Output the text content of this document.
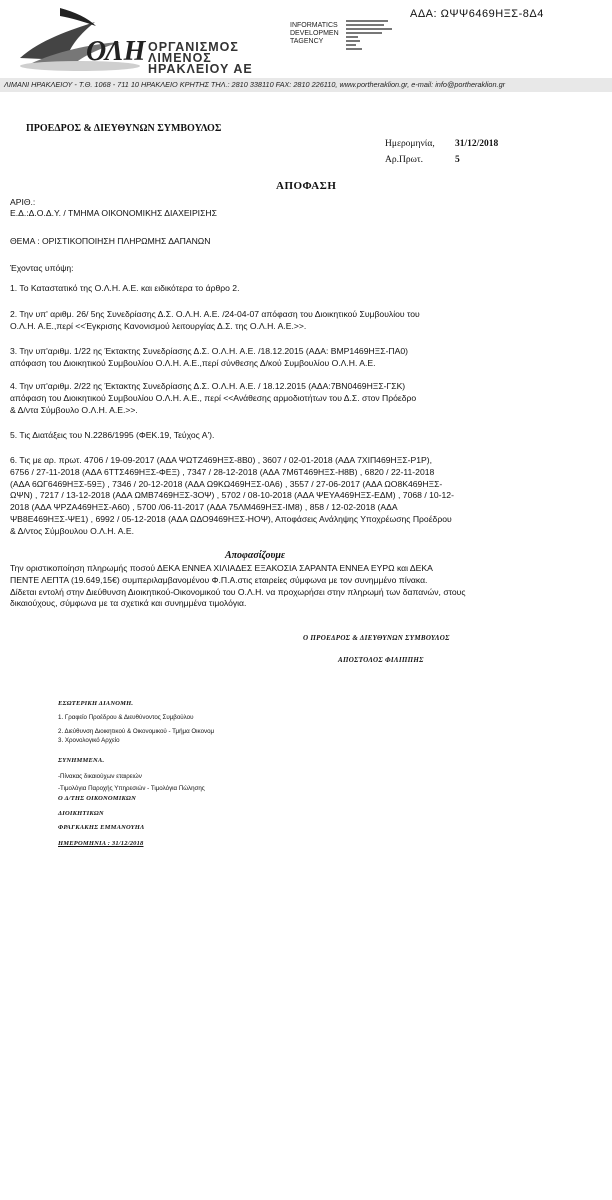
ΑΔΑ: ΩΨΨ6469ΗΞΣ-8Δ4
ΟΛΗ ΟΡΓΑΝΙΣΜΟΣ
ΛΙΜΕΝΟΣ
ΗΡΑΚΛΕΙΟΥ ΑΕ
INFORMATICS
DEVELOPMEN
TAGENCY
ΛΙΜΑΝΙ ΗΡΑΚΛΕΙΟΥ - Τ.Θ. 1068 - 711 10 ΗΡΑΚΛΕΙΟ ΚΡΗΤΗΣ ΤΗΛ.: 2810 338110 FAX: 2810 226110, www.portheraklion.gr, e-mail: info@portheraklion.gr
ΠΡΟΕΔΡΟΣ & ΔΙΕΥΘΥΝΩΝ ΣΥΜΒΟΥΛΟΣ
Ημερομηνία, 31/12/2018
Αρ.Πρωτ.	5
ΑΠΟΦΑΣΗ
ΑΡΙΘ.:
Ε.Δ.:Δ.Ο.Δ.Υ. / ΤΜΗΜΑ ΟΙΚΟΝΟΜΙΚΗΣ ΔΙΑΧΕΙΡΙΣΗΣ
ΘΕΜΑ : ΟΡΙΣΤΙΚΟΠΟΙΗΣΗ ΠΛΗΡΩΜΗΣ ΔΑΠΑΝΩΝ
Έχοντας υπόψη:
1. Το Καταστατικό της Ο.Λ.Η. Α.Ε. και ειδικότερα το άρθρο 2.
2. Την υπ' αριθμ. 26/ 5ης Συνεδρίασης Δ.Σ. Ο.Λ.Η. Α.Ε. /24-04-07 απόφαση του Διοικητικού Συμβουλίου του
Ο.Λ.Η. Α.Ε.,περί <<Έγκρισης Κανονισμού λειτουργίας Δ.Σ. της Ο.Λ.Η. Α.Ε.>>.
3. Την υπ'αριθμ. 1/22 ης Έκτακτης Συνεδρίασης Δ.Σ. Ο.Λ.Η. Α.Ε. /18.12.2015 (ΑΔΑ: ΒΜΡ1469ΗΞΣ-ΠΑ0)
απόφαση του Διοικητικού Συμβουλίου Ο.Λ.Η. Α.Ε.,περί σύνθεσης Δ/κού Συμβουλίου Ο.Λ.Η. Α.Ε.
4. Την υπ'αριθμ. 2/22 ης Έκτακτης Συνεδρίασης Δ.Σ. Ο.Λ.Η. Α.Ε. / 18.12.2015 (ΑΔΑ:7ΒΝ0469ΗΞΣ-ΓΣΚ)
απόφαση του Διοικητικού Συμβουλίου Ο.Λ.Η. Α.Ε., περί <<Ανάθεσης αρμοδιοτήτων του Δ.Σ. στον Πρόεδρο
& Δ/ντα Σύμβουλο Ο.Λ.Η. Α.Ε.>>.
5. Τις Διατάξεις του Ν.2286/1995 (ΦΕΚ.19, Τεύχος Α').
6. Τις με αρ. πρωτ. 4706 / 19-09-2017 (ΑΔΑ ΨΩΤΖ469ΗΞΣ-8Β0) , 3607 / 02-01-2018 (ΑΔΑ 7ΧΙΠ469ΗΞΣ-Ρ1Ρ),
6756 / 27-11-2018 (ΑΔΑ 6ΤΤΣ469ΗΞΣ-ΦΕΞ) , 7347 / 28-12-2018 (ΑΔΑ 7Μ6Τ469ΗΞΣ-Η8Β) , 6820 / 22-11-2018
(ΑΔΑ 6ΩΓ6469ΗΞΣ-59Ξ) , 7346 / 20-12-2018 (ΑΔΑ Ω9ΚΩ469ΗΞΣ-0Α6) , 3557 / 27-06-2017 (ΑΔΑ ΩΟ8Κ469ΗΞΣ-
ΩΨΝ) , 7217 / 13-12-2018 (ΑΔΑ ΩΜΒ7469ΗΞΣ-3ΟΨ) , 5702 / 08-10-2018 (ΑΔΑ ΨΕΥΑ469ΗΞΣ-ΕΔΜ) , 7068 / 10-12-
2018 (ΑΔΑ ΨΡΖΑ469ΗΞΣ-Α60) , 5700 /06-11-2017 (ΑΔΑ 75ΛΜ469ΗΞΣ-ΙΜ8) , 858 / 12-02-2018 (ΑΔΑ
ΨΒ8Ε469ΗΞΣ-ΨΕ1) , 6992 / 05-12-2018 (ΑΔΑ ΩΔΟ9469ΗΞΣ-ΗΟΨ), Αποφάσεις Ανάληψης Υποχρέωσης Προέδρου
& Δ/ντος Σύμβουλου Ο.Λ.Η. Α.Ε.
Αποφασίζουμε
Την οριστικοποίηση πληρωμής ποσού ΔΕΚΑ ΕΝΝΕΑ ΧΙΛΙΑΔΕΣ ΕΞΑΚΟΣΙΑ ΣΑΡΑΝΤΑ ΕΝΝΕΑ ΕΥΡΩ και ΔΕΚΑ
ΠΕΝΤΕ ΛΕΠΤΑ (19.649,15€) συμπεριλαμβανομένου Φ.Π.Α.στις εταιρείες σύμφωνα με τον συνημμένο πίνακα.
Δίδεται εντολή στην Διεύθυνση Διοικητικού-Οικονομικού του Ο.Λ.Η. να προχωρήσει στην πληρωμή των δαπανών, στους
δικαιούχους, σύμφωνα με τα σχετικά και συνημμένα τιμολόγια.
Ο ΠΡΟΕΔΡΟΣ & ΔΙΕΥΘΥΝΩΝ ΣΥΜΒΟΥΛΟΣ
ΑΠΟΣΤΟΛΟΣ ΦΙΛΙΠΠΗΣ
ΕΣΩΤΕΡΙΚΗ ΔΙΑΝΟΜΗ.
1. Γραφείο Προέδρου & Διευθύνοντος Συμβούλου
2. Διεύθυνση Διοικητικού & Οικονομικού - Τμήμα Οικονομ
3. Χρονολογικό Αρχείο
ΣΥΝΗΜΜΕΝΑ.
-Πίνακας δικαιούχων εταιρειών
-Τιμολόγια Παροχής Υπηρεσιών - Τιμολόγια Πώλησης
Ο Δ/ΤΗΣ ΟΙΚΟΝΟΜΙΚΩΝ
ΔΙΟΙΚΗΤΙΚΩΝ
ΦΡΑΓΚΑΚΗΣ ΕΜΜΑΝΟΥΗΛ
ΗΜΕΡΟΜΗΝΙΑ : 31/12/2018
